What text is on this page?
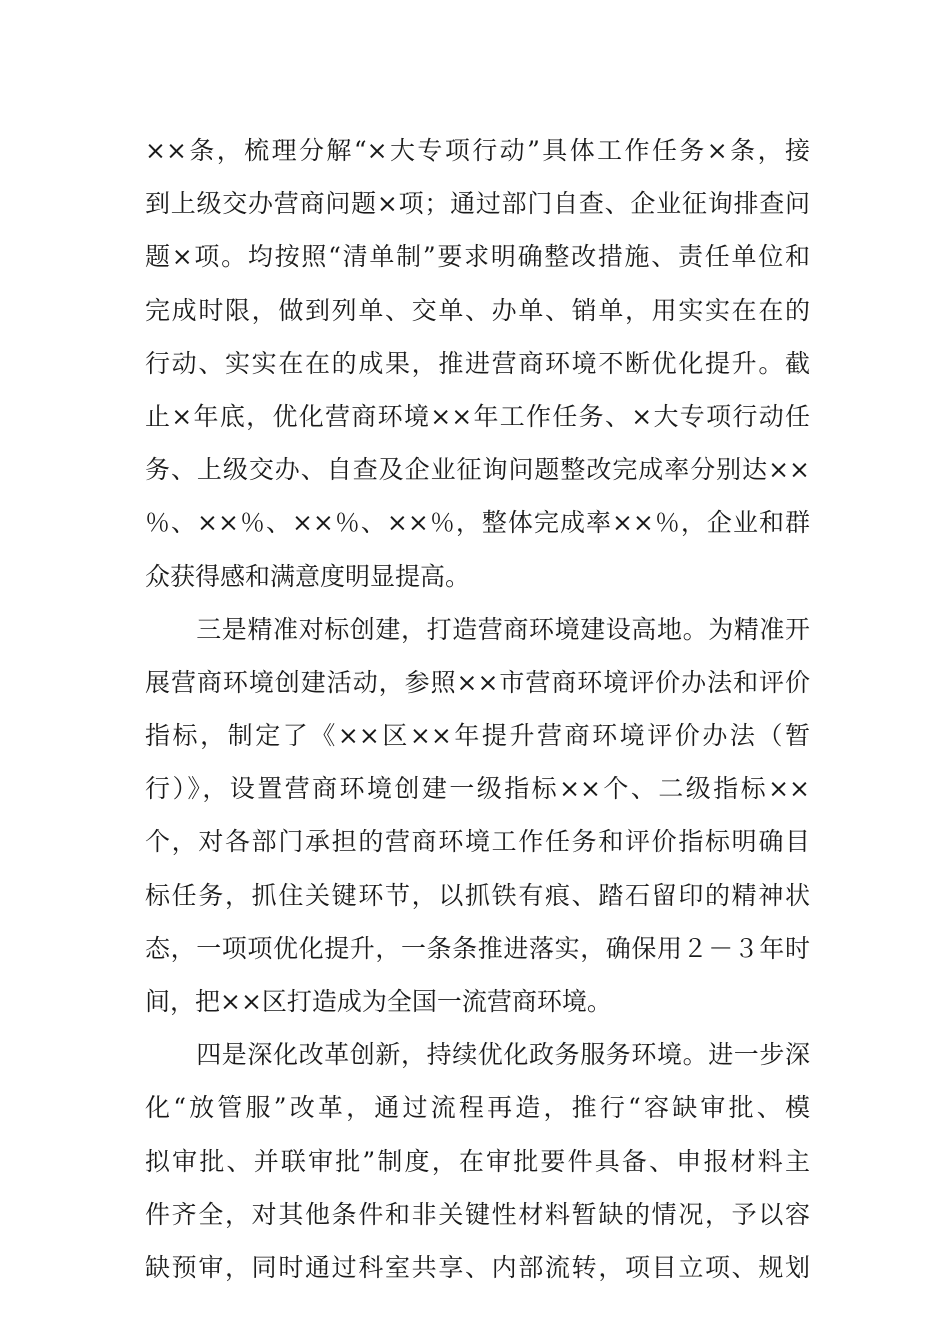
××条，梳理分解“×大专项行动”具体工作任务×条，接
到上级交办营商问题×项；通过部门自查、企业征询排查问
题×项。均按照“清单制”要求明确整改措施、责任单位和
完成时限，做到列单、交单、办单、销单，用实实在在的
行动、实实在在的成果，推进营商环境不断优化提升。截
止×年底，优化营商环境××年工作任务、×大专项行动任
务、上级交办、自查及企业征询问题整改完成率分别达××
％、××％、××％、××％，整体完成率××％，企业和群
众获得感和满意度明显提高。
　　三是精准对标创建，打造营商环境建设高地。为精准开
展营商环境创建活动，参照××市营商环境评价办法和评价
指标，制定了《××区××年提升营商环境评价办法（暂
行）》，设置营商环境创建一级指标××个、二级指标××
个，对各部门承担的营商环境工作任务和评价指标明确目
标任务，抓住关键环节，以抓铁有痕、踏石留印的精神状
态，一项项优化提升，一条条推进落实，确保用２－３年时
间，把××区打造成为全国一流营商环境。
　　四是深化改革创新，持续优化政务服务环境。进一步深
化“放管服”改革，通过流程再造，推行“容缺审批、模
拟审批、并联审批”制度，在审批要件具备、申报材料主
件齐全，对其他条件和非关键性材料暂缺的情况，予以容
缺预审，同时通过科室共享、内部流转，项目立项、规划
